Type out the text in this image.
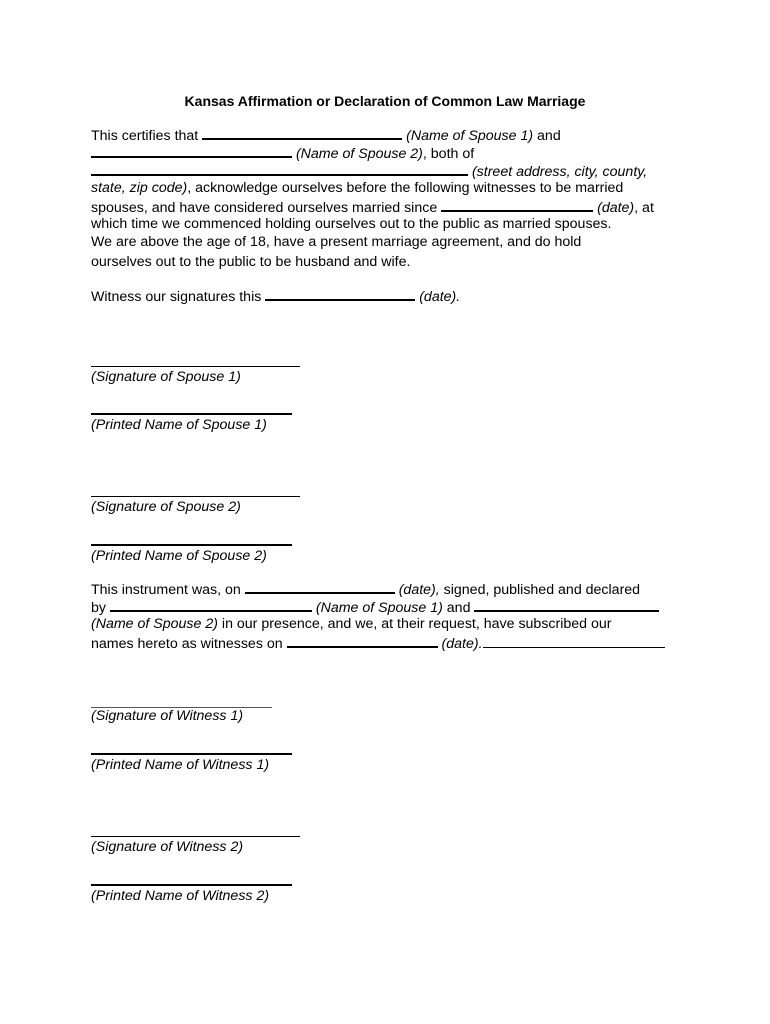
Kansas Affirmation or Declaration of Common Law Marriage
This certifies that	(Name of Spouse 1) and
(Name of Spouse 2), both of
(street address, city, county,
state, zip code), acknowledge ourselves before the following witnesses to be married
spouses, and have considered ourselves married since	(date), at
which time we commenced holding ourselves out to the public as married spouses.
We are above the age of 18, have a present marriage agreement, and do hold
ourselves out to the public to be husband and wife.
Witness our signatures this	(date).
(Signature of Spouse 1)
(Printed Name of Spouse 1)
(Signature of Spouse 2)
(Printed Name of Spouse 2)
This instrument was, on	(date), signed, published and declared
by	(Name of Spouse 1) and
(Name of Spouse 2) in our presence, and we, at their request, have subscribed our
names hereto as witnesses on	(date).
(Signature of Witness 1)
(Printed Name of Witness 1)
(Signature of Witness 2)
(Printed Name of Witness 2)
